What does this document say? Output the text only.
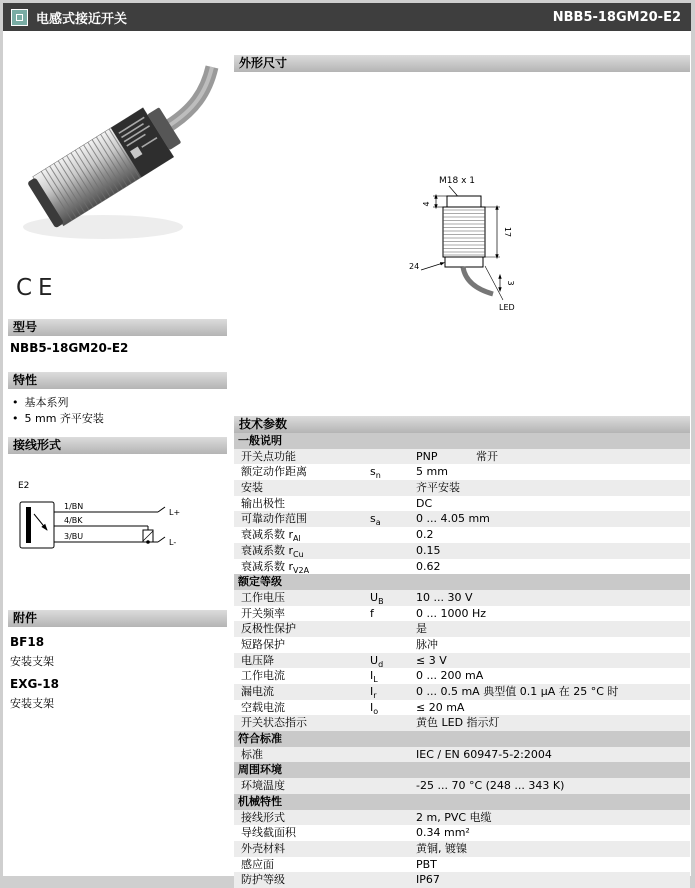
电感式接近开关	NBB5-18GM20-E2
CE
型号
NBB5-18GM20-E2
特性
• 基本系列
• 5 mm 齐平安装
接线形式
E2
1/BN
L+
4/BK
3/BU
L-
附件
BF18
安装支架
EXG-18
安装支架
外形尺寸
M18 x 1
4
17
24
3
LED
技术参数
一般说明
开关点功能	PNP	常开
额定动作距离	$s_n$	5 mm
安装	齐平安装
输出极性	DC
可靠动作范围	$s_a$	0 ... 4.05 mm
衰减系数 $r_{Al}$	0.2
衰减系数 $r_{Cu}$	0.15
衰减系数 $r_{V2A}$	0.62
额定等级
工作电压	$U_B$	10 ... 30 V
开关频率	f	0 ... 1000 Hz
反极性保护	是
短路保护	脉冲
电压降	$U_d$	≤ 3 V
工作电流	$I_L$	0 ... 200 mA
漏电流	$I_r$	0 ... 0.5 mA 典型值 0.1 μA 在 25 °C 时
空载电流	$I_o$	≤ 20 mA
开关状态指示	黄色 LED 指示灯
符合标准
标准	IEC / EN 60947-5-2:2004
周围环境
环境温度	-25 ... 70 °C (248 ... 343 K)
机械特性
接线形式	2 m, PVC 电缆
导线截面积	0.34 mm²
外壳材料	黄铜, 镀镍
感应面	PBT
防护等级	IP67
